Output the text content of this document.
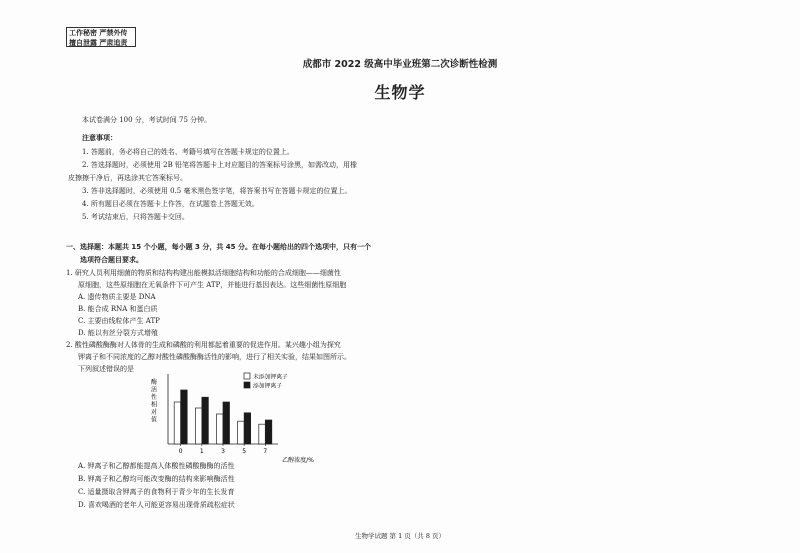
工作秘密 严禁外传
擅自泄露 严肃追责
成都市 2022 级高中毕业班第二次诊断性检测
生物学
本试卷满分 100 分，考试时间 75 分钟。
注意事项：
1. 答题前，务必将自己的姓名、考籍号填写在答题卡规定的位置上。
2. 答选择题时，必须使用 2B 铅笔将答题卡上对应题目的答案标号涂黑，如需改动，用橡
皮擦擦干净后，再选涂其它答案标号。
3. 答非选择题时，必须使用 0.5 毫米黑色签字笔，将答案书写在答题卡规定的位置上。
4. 所有题目必须在答题卡上作答，在试题卷上答题无效。
5. 考试结束后，只将答题卡交回。
一、选择题：本题共 15 个小题，每小题 3 分，共 45 分。在每小题给出的四个选项中，只有一个
选项符合题目要求。
1. 研究人员利用细菌的物质和结构构建出能模拟活细胞结构和功能的合成细胞——细菌性
原细胞，这些原细胞在无氧条件下可产生 ATP，并能进行基因表达。这些细菌性原细胞
A. 遗传物质主要是 DNA
B. 能合成 RNA 和蛋白质
C. 主要由线粒体产生 ATP
D. 能以有丝分裂方式增殖
2. 酸性磷酸酶酶对人体骨的生成和磷酸的利用都起着重要的促进作用。某兴趣小组为探究
钾离子和不同浓度的乙醇对酸性磷酸酶酶活性的影响，进行了相关实验，结果如图所示。
下列叙述错误的是
酶
活
性
相
对
值
0	1	3	5	7
乙醇浓度/%
未添加钾离子
添加钾离子
A. 钾离子和乙醇都能提高人体酸性磷酸酶酶的活性
B. 钾离子和乙醇均可能改变酶的结构来影响酶活性
C. 适量摄取含钾离子的食物利于青少年的生长发育
D. 喜欢喝酒的老年人可能更容易出现骨质疏松症状
生物学试题 第 1 页（共 8 页）
